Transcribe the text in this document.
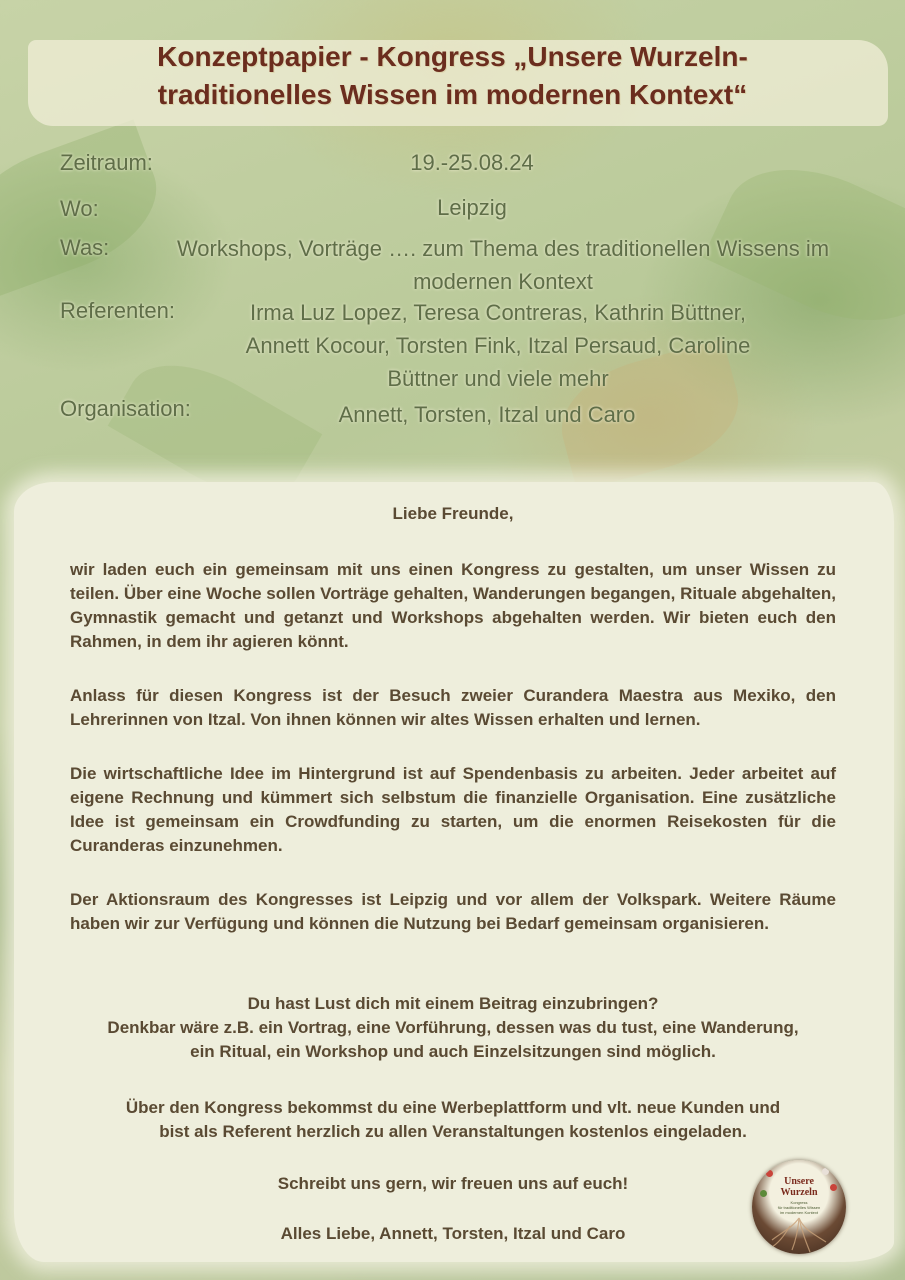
Konzeptpapier - Kongress „Unsere Wurzeln-
traditionelles Wissen im modernen Kontext“
Zeitraum:	19.-25.08.24
Wo:	Leipzig
Was:	Workshops, Vorträge …. zum Thema des traditionellen Wissens im
modernen Kontext
Referenten:	Irma Luz Lopez, Teresa Contreras, Kathrin Büttner,
Annett Kocour, Torsten Fink, Itzal Persaud, Caroline
Büttner und viele mehr
Organisation:	Annett, Torsten, Itzal und Caro
Liebe Freunde,
wir laden euch ein gemeinsam mit uns einen Kongress zu gestalten, um unser Wissen zu teilen. Über eine Woche sollen Vorträge gehalten, Wanderungen begangen, Rituale abgehalten, Gymnastik gemacht und getanzt und Workshops abgehalten werden. Wir bieten euch den Rahmen, in dem ihr agieren könnt.
Anlass für diesen Kongress ist der Besuch zweier Curandera Maestra aus Mexiko, den Lehrerinnen von Itzal. Von ihnen können wir altes Wissen erhalten und lernen.
Die wirtschaftliche Idee im Hintergrund ist auf Spendenbasis zu arbeiten. Jeder arbeitet auf eigene Rechnung und kümmert sich selbstum die finanzielle Organisation. Eine zusätzliche Idee ist gemeinsam ein Crowdfunding zu starten, um die enormen Reisekosten für die Curanderas einzunehmen.
Der Aktionsraum des Kongresses ist Leipzig und vor allem der Volkspark. Weitere Räume haben wir zur Verfügung und können die Nutzung bei Bedarf gemeinsam organisieren.
Du hast Lust dich mit einem Beitrag einzubringen?
Denkbar wäre z.B. ein Vortrag, eine Vorführung, dessen was du tust, eine Wanderung,
ein Ritual, ein Workshop und auch Einzelsitzungen sind möglich.
Über den Kongress bekommst du eine Werbeplattform und vlt. neue Kunden und
bist als Referent herzlich zu allen Veranstaltungen kostenlos eingeladen.
Schreibt uns gern, wir freuen uns auf euch!
Alles Liebe, Annett, Torsten, Itzal und Caro
Unsere
Wurzeln
Kongress
für traditionelles Wissen
im modernen Kontext
